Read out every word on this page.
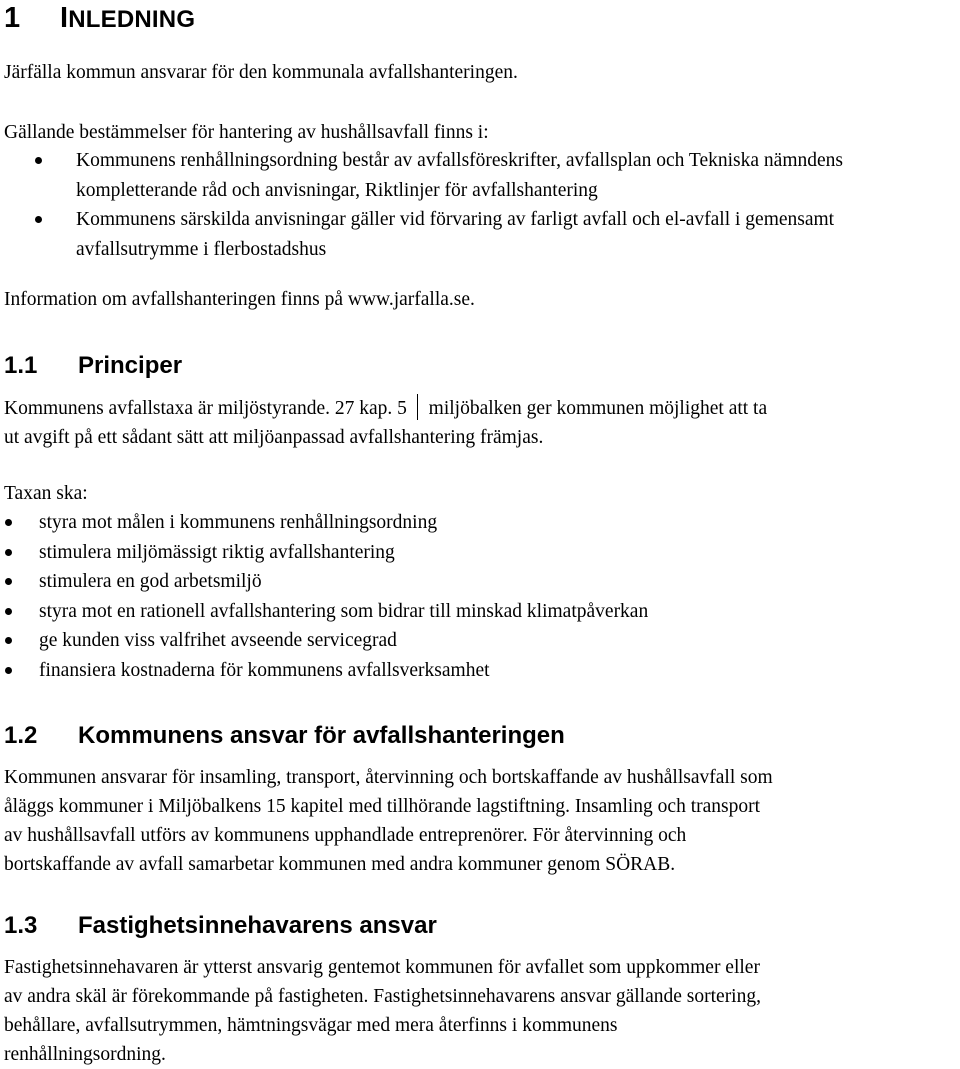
1 INLEDNING

Järfälla kommun ansvarar för den kommunala avfallshanteringen.

Gällande bestämmelser för hantering av hushållsavfall finns i:

Kommunens renhållningsordning består av avfallsföreskrifter, avfallsplan och Tekniska nämndens kompletterande råd och anvisningar, Riktlinjer för avfallshantering
Kommunens särskilda anvisningar gäller vid förvaring av farligt avfall och el-avfall i gemensamt avfallsutrymme i flerbostadshus

Information om avfallshanteringen finns på www.jarfalla.se.

1.1 Principer

Kommunens avfallstaxa är miljöstyrande. 27 kap. 5 miljöbalken ger kommunen möjlighet att ta
ut avgift på ett sådant sätt att miljöanpassad avfallshantering främjas.

Taxan ska:

styra mot målen i kommunens renhållningsordning
stimulera miljömässigt riktig avfallshantering
stimulera en god arbetsmiljö
styra mot en rationell avfallshantering som bidrar till minskad klimatpåverkan
ge kunden viss valfrihet avseende servicegrad
finansiera kostnaderna för kommunens avfallsverksamhet
1.2 Kommunens ansvar för avfallshanteringen

Kommunen ansvarar för insamling, transport, återvinning och bortskaffande av hushållsavfall som
åläggs kommuner i Miljöbalkens 15 kapitel med tillhörande lagstiftning. Insamling och transport
av hushållsavfall utförs av kommunens upphandlade entreprenörer. För återvinning och
bortskaffande av avfall samarbetar kommunen med andra kommuner genom SÖRAB.

1.3 Fastighetsinnehavarens ansvar

Fastighetsinnehavaren är ytterst ansvarig gentemot kommunen för avfallet som uppkommer eller
av andra skäl är förekommande på fastigheten. Fastighetsinnehavarens ansvar gällande sortering,
behållare, avfallsutrymmen, hämtningsvägar med mera återfinns i kommunens
renhållningsordning.
